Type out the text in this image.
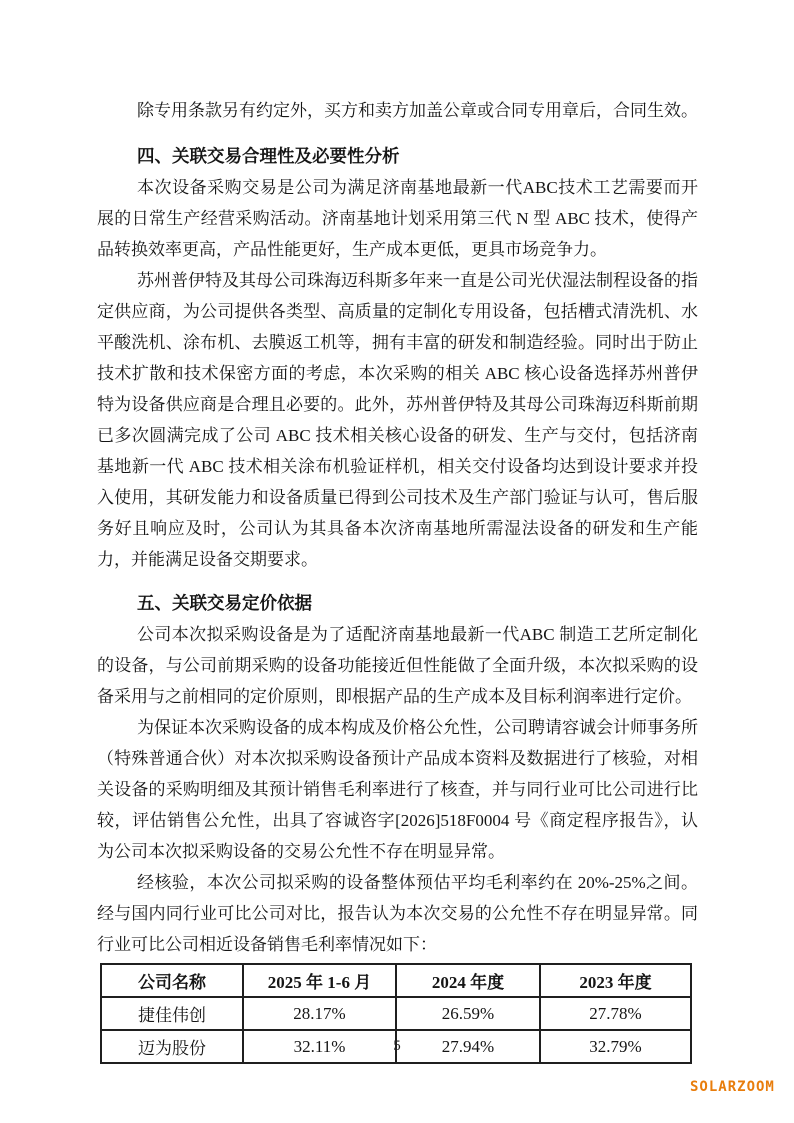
除专用条款另有约定外，买方和卖方加盖公章或合同专用章后，合同生效。

四、关联交易合理性及必要性分析

本次设备采购交易是公司为满足济南基地最新一代ABC技术工艺需要而开展的日常生产经营采购活动。济南基地计划采用第三代 N 型 ABC 技术，使得产品转换效率更高，产品性能更好，生产成本更低，更具市场竞争力。

苏州普伊特及其母公司珠海迈科斯多年来一直是公司光伏湿法制程设备的指定供应商，为公司提供各类型、高质量的定制化专用设备，包括槽式清洗机、水平酸洗机、涂布机、去膜返工机等，拥有丰富的研发和制造经验。同时出于防止技术扩散和技术保密方面的考虑，本次采购的相关 ABC 核心设备选择苏州普伊特为设备供应商是合理且必要的。此外，苏州普伊特及其母公司珠海迈科斯前期已多次圆满完成了公司 ABC 技术相关核心设备的研发、生产与交付，包括济南基地新一代 ABC 技术相关涂布机验证样机，相关交付设备均达到设计要求并投入使用，其研发能力和设备质量已得到公司技术及生产部门验证与认可，售后服务好且响应及时，公司认为其具备本次济南基地所需湿法设备的研发和生产能力，并能满足设备交期要求。

五、关联交易定价依据

公司本次拟采购设备是为了适配济南基地最新一代ABC 制造工艺所定制化的设备，与公司前期采购的设备功能接近但性能做了全面升级，本次拟采购的设备采用与之前相同的定价原则，即根据产品的生产成本及目标利润率进行定价。

为保证本次采购设备的成本构成及价格公允性，公司聘请容诚会计师事务所（特殊普通合伙）对本次拟采购设备预计产品成本资料及数据进行了核验，对相关设备的采购明细及其预计销售毛利率进行了核查，并与同行业可比公司进行比较，评估销售公允性，出具了容诚咨字[2026]518F0004 号《商定程序报告》，认为公司本次拟采购设备的交易公允性不存在明显异常。

经核验，本次公司拟采购的设备整体预估平均毛利率约在 20%-25%之间。经与国内同行业可比公司对比，报告认为本次交易的公允性不存在明显异常。同行业可比公司相近设备销售毛利率情况如下：

公司名称	2025 年 1-6 月	2024 年度	2023 年度
捷佳伟创	28.17%	26.59%	27.78%
迈为股份	32.11%	27.94%	32.79%
5
SOLARZOOM
